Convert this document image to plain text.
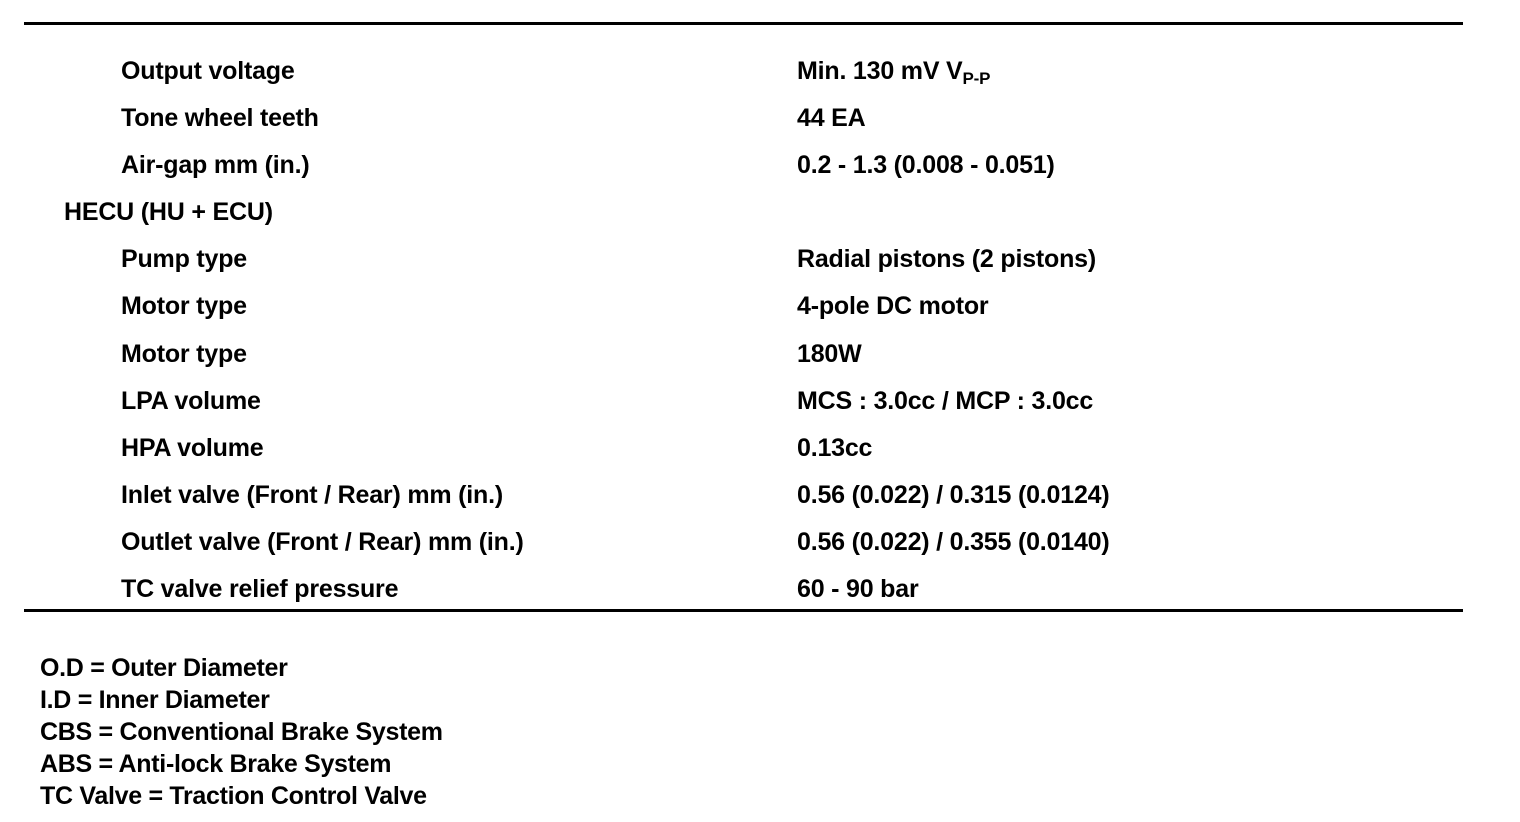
Output voltage	Min. 130 mV $V_{P-P}$
Tone wheel teeth	44 EA
Air-gap mm (in.)	0.2 - 1.3 (0.008 - 0.051)
HECU (HU + ECU)
Pump type	Radial pistons (2 pistons)
Motor type	4-pole DC motor
Motor type	180W
LPA volume	MCS : 3.0cc / MCP : 3.0cc
HPA volume	0.13cc
Inlet valve (Front / Rear) mm (in.)	0.56 (0.022) / 0.315 (0.0124)
Outlet valve (Front / Rear) mm (in.)	0.56 (0.022) / 0.355 (0.0140)
TC valve relief pressure	60 - 90 bar
O.D = Outer Diameter
I.D = Inner Diameter
CBS = Conventional Brake System
ABS = Anti-lock Brake System
TC Valve = Traction Control Valve
